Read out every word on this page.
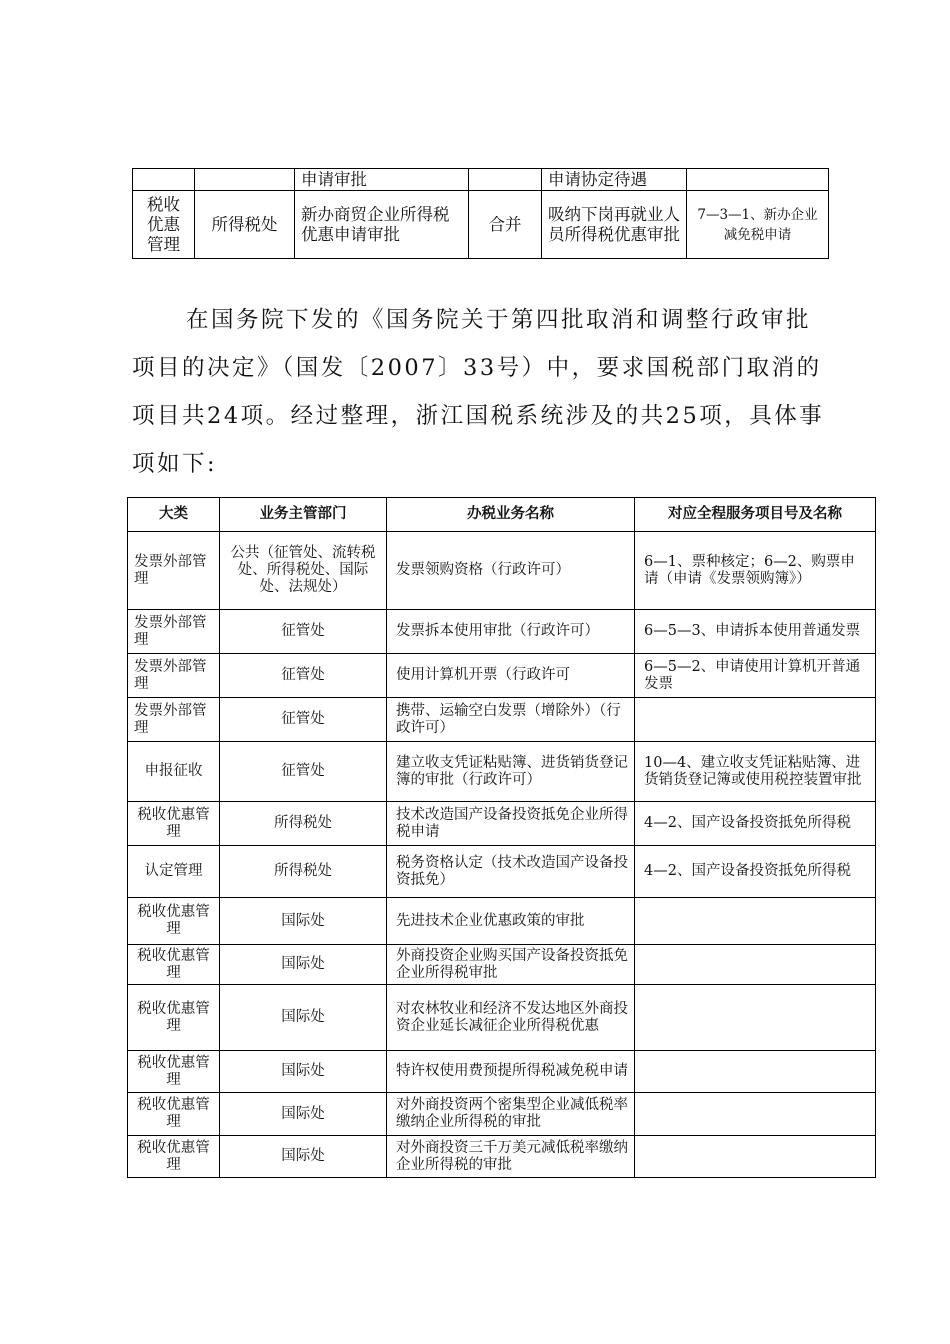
		申请审批		申请协定待遇	
税收优惠管理	所得税处	新办商贸企业所得税优惠申请审批	合并	吸纳下岗再就业人员所得税优惠审批	7—3—1、新办企业减免税申请

在国务院下发的《国务院关于第四批取消和调整行政审批项目的决定》（国发〔2007〕33号）中，要求国税部门取消的项目共24项。经过整理，浙江国税系统涉及的共25项，具体事项如下:

大类	业务主管部门	办税业务名称	对应全程服务项目号及名称
发票外部管理	公共（征管处、流转税处、所得税处、国际处、法规处）	发票领购资格（行政许可）	6—1、票种核定；6—2、购票申请（申请《发票领购簿》）
发票外部管理	征管处	发票拆本使用审批（行政许可）	6—5—3、申请拆本使用普通发票
发票外部管理	征管处	使用计算机开票（行政许可	6—5—2、申请使用计算机开普通发票
发票外部管理	征管处	携带、运输空白发票（增除外）（行政许可）	
申报征收	征管处	建立收支凭证粘贴簿、进货销货登记簿的审批（行政许可）	10—4、建立收支凭证粘贴簿、进货销货登记簿或使用税控装置审批
税收优惠管理	所得税处	技术改造国产设备投资抵免企业所得税申请	4—2、国产设备投资抵免所得税
认定管理	所得税处	税务资格认定（技术改造国产设备投资抵免）	4—2、国产设备投资抵免所得税
税收优惠管理	国际处	先进技术企业优惠政策的审批	
税收优惠管理	国际处	外商投资企业购买国产设备投资抵免企业所得税审批	
税收优惠管理	国际处	对农林牧业和经济不发达地区外商投资企业延长减征企业所得税优惠	
税收优惠管理	国际处	特许权使用费预提所得税减免税申请	
税收优惠管理	国际处	对外商投资两个密集型企业减低税率缴纳企业所得税的审批	
税收优惠管理	国际处	对外商投资三千万美元减低税率缴纳企业所得税的审批	
